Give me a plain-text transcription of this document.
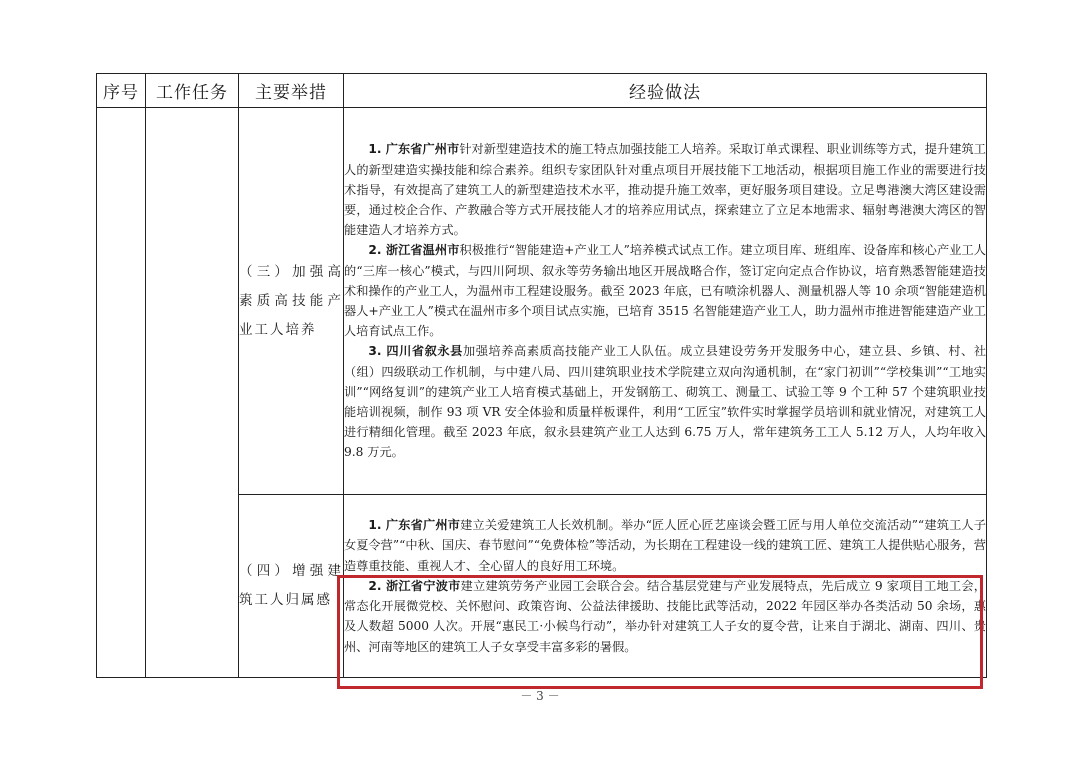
序号	工作任务	主要举措	经验做法
		（三）加强高素质高技能产业工人培养	1. 广东省广州市针对新型建造技术的施工特点加强技能工人培养。采取订单式课程、职业训练等方式，提升建筑工人的新型建造实操技能和综合素养。组织专家团队针对重点项目开展技能下工地活动，根据项目施工作业的需要进行技术指导，有效提高了建筑工人的新型建造技术水平，推动提升施工效率，更好服务项目建设。立足粤港澳大湾区建设需要，通过校企合作、产教融合等方式开展技能人才的培养应用试点，探索建立了立足本地需求、辐射粤港澳大湾区的智能建造人才培养方式。

2. 浙江省温州市积极推行“智能建造+产业工人”培养模式试点工作。建立项目库、班组库、设备库和核心产业工人的“三库一核心”模式，与四川阿坝、叙永等劳务输出地区开展战略合作，签订定向定点合作协议，培育熟悉智能建造技术和操作的产业工人，为温州市工程建设服务。截至 2023 年底，已有喷涂机器人、测量机器人等 10 余项“智能建造机器人+产业工人”模式在温州市多个项目试点实施，已培育 3515 名智能建造产业工人，助力温州市推进智能建造产业工人培育试点工作。

3. 四川省叙永县加强培养高素质高技能产业工人队伍。成立县建设劳务开发服务中心，建立县、乡镇、村、社（组）四级联动工作机制，与中建八局、四川建筑职业技术学院建立双向沟通机制，在“家门初训”“学校集训”“工地实训”“网络复训”的建筑产业工人培育模式基础上，开发钢筋工、砌筑工、测量工、试验工等 9 个工种 57 个建筑职业技能培训视频，制作 93 项 VR 安全体验和质量样板课件，利用“工匠宝”软件实时掌握学员培训和就业情况，对建筑工人进行精细化管理。截至 2023 年底，叙永县建筑产业工人达到 6.75 万人，常年建筑务工工人 5.12 万人，人均年收入 9.8 万元。

		（四）增强建筑工人归属感	1. 广东省广州市建立关爱建筑工人长效机制。举办“匠人匠心匠艺座谈会暨工匠与用人单位交流活动”“建筑工人子女夏令营”“中秋、国庆、春节慰问”“免费体检”等活动，为长期在工程建设一线的建筑工匠、建筑工人提供贴心服务，营造尊重技能、重视人才、全心留人的良好用工环境。

2. 浙江省宁波市建立建筑劳务产业园工会联合会。结合基层党建与产业发展特点，先后成立 9 家项目工地工会，常态化开展微党校、关怀慰问、政策咨询、公益法律援助、技能比武等活动，2022 年园区举办各类活动 50 余场，惠及人数超 5000 人次。开展“惠民工·小候鸟行动”，举办针对建筑工人子女的夏令营，让来自于湖北、湖南、四川、贵州、河南等地区的建筑工人子女享受丰富多彩的暑假。

－ 3 －
